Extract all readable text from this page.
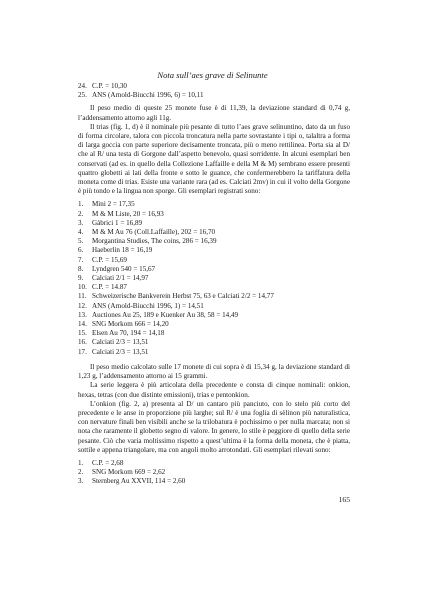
Nota sull’aes grave di Selinunte
24. C.P. = 10,30
25. ANS (Arnold-Biucchi 1996, 6) = 10,11

Il peso medio di queste 25 monete fuse è di 11,39, la deviazione standard di 0,74 g, l’addensamento attorno agli 11g.

Il trias (fig. 1, d) è il nominale più pesante di tutto l’aes grave selinuntino, dato da un fuso di forma circolare, talora con piccola troncatura nella parte sovrastante i tipi o, talaltra a forma di larga goccia con parte superiore decisamente troncata, più o meno rettilinea. Porta sia al D/ che al R/ una testa di Gorgone dall’aspetto benevolo, quasi sorridente. In alcuni esemplari ben conservati (ad es. in quello della Collezione Laffaille e della M & M) sembrano essere presenti quattro globetti ai lati della fronte e sotto le guance, che confermerebbero la tariffatura della moneta come di trias. Esiste una variante rara (ad es. Calciati 2mv) in cui il volto della Gorgone è più tondo e la lingua non sporge. Gli esemplari registrati sono:

1.	Mini 2 = 17,35
2.	M & M Liste, 20 = 16,93
3.	Gàbrici 1 = 16,89
4.	M & M Au 76 (Coll.Laffaille), 202 = 16,70
5.	Morgantina Studies, The coins, 286 = 16,39
6.	Haeberlin 18 = 16,19
7.	C.P. = 15,69
8.	Lyndgren 540 = 15,67
9.	Calciati 2/1 = 14,97
10. C.P. = 14.87
11. Schweizerische Bankverein Herbst 75, 63 e Calciati 2/2 = 14,77
12. ANS (Arnold-Biucchi 1996, 1) = 14,51
13. Auctiones Au 25, 189 e Kuenker Au 38, 58 = 14,49
14. SNG Morkom 666 = 14,20
15. Elsen Au 70, 194 = 14,18
16. Calciati 2/3 = 13,51
17. Calciati 2/3 = 13,51

Il peso medio calcolato sulle 17 monete di cui sopra è di 15,34 g, la deviazione standard di 1,23 g, l’addensamento attorno ai 15 grammi.

La serie leggera è più articolata della precedente e consta di cinque nominali: onkion, hexas, tetras (con due distinte emissioni), trias e pentonkion.

L’onkion (fig. 2, a) presenta al D/ un cantaro più panciuto, con lo stelo più corto del precedente e le anse in proporzione più larghe; sul R/ è una foglia di sèlinon più naturalistica, con nervature finali ben visibili anche se la trilobatura è pochissimo o per nulla marcata; non si nota che raramente il globetto segno di valore. In genere, lo stile è peggiore di quello della serie pesante. Ciò che varia moltissimo rispetto a quest’ultima è la forma della moneta, che è piatta, sottile e appena triangolare, ma con angoli molto arrotondati. Gli esemplari rilevati sono:

1.	C.P. = 2,68
2.	SNG Morkom 669 = 2,62
3.	Sternberg Au XXVII, 114 = 2,60
165
